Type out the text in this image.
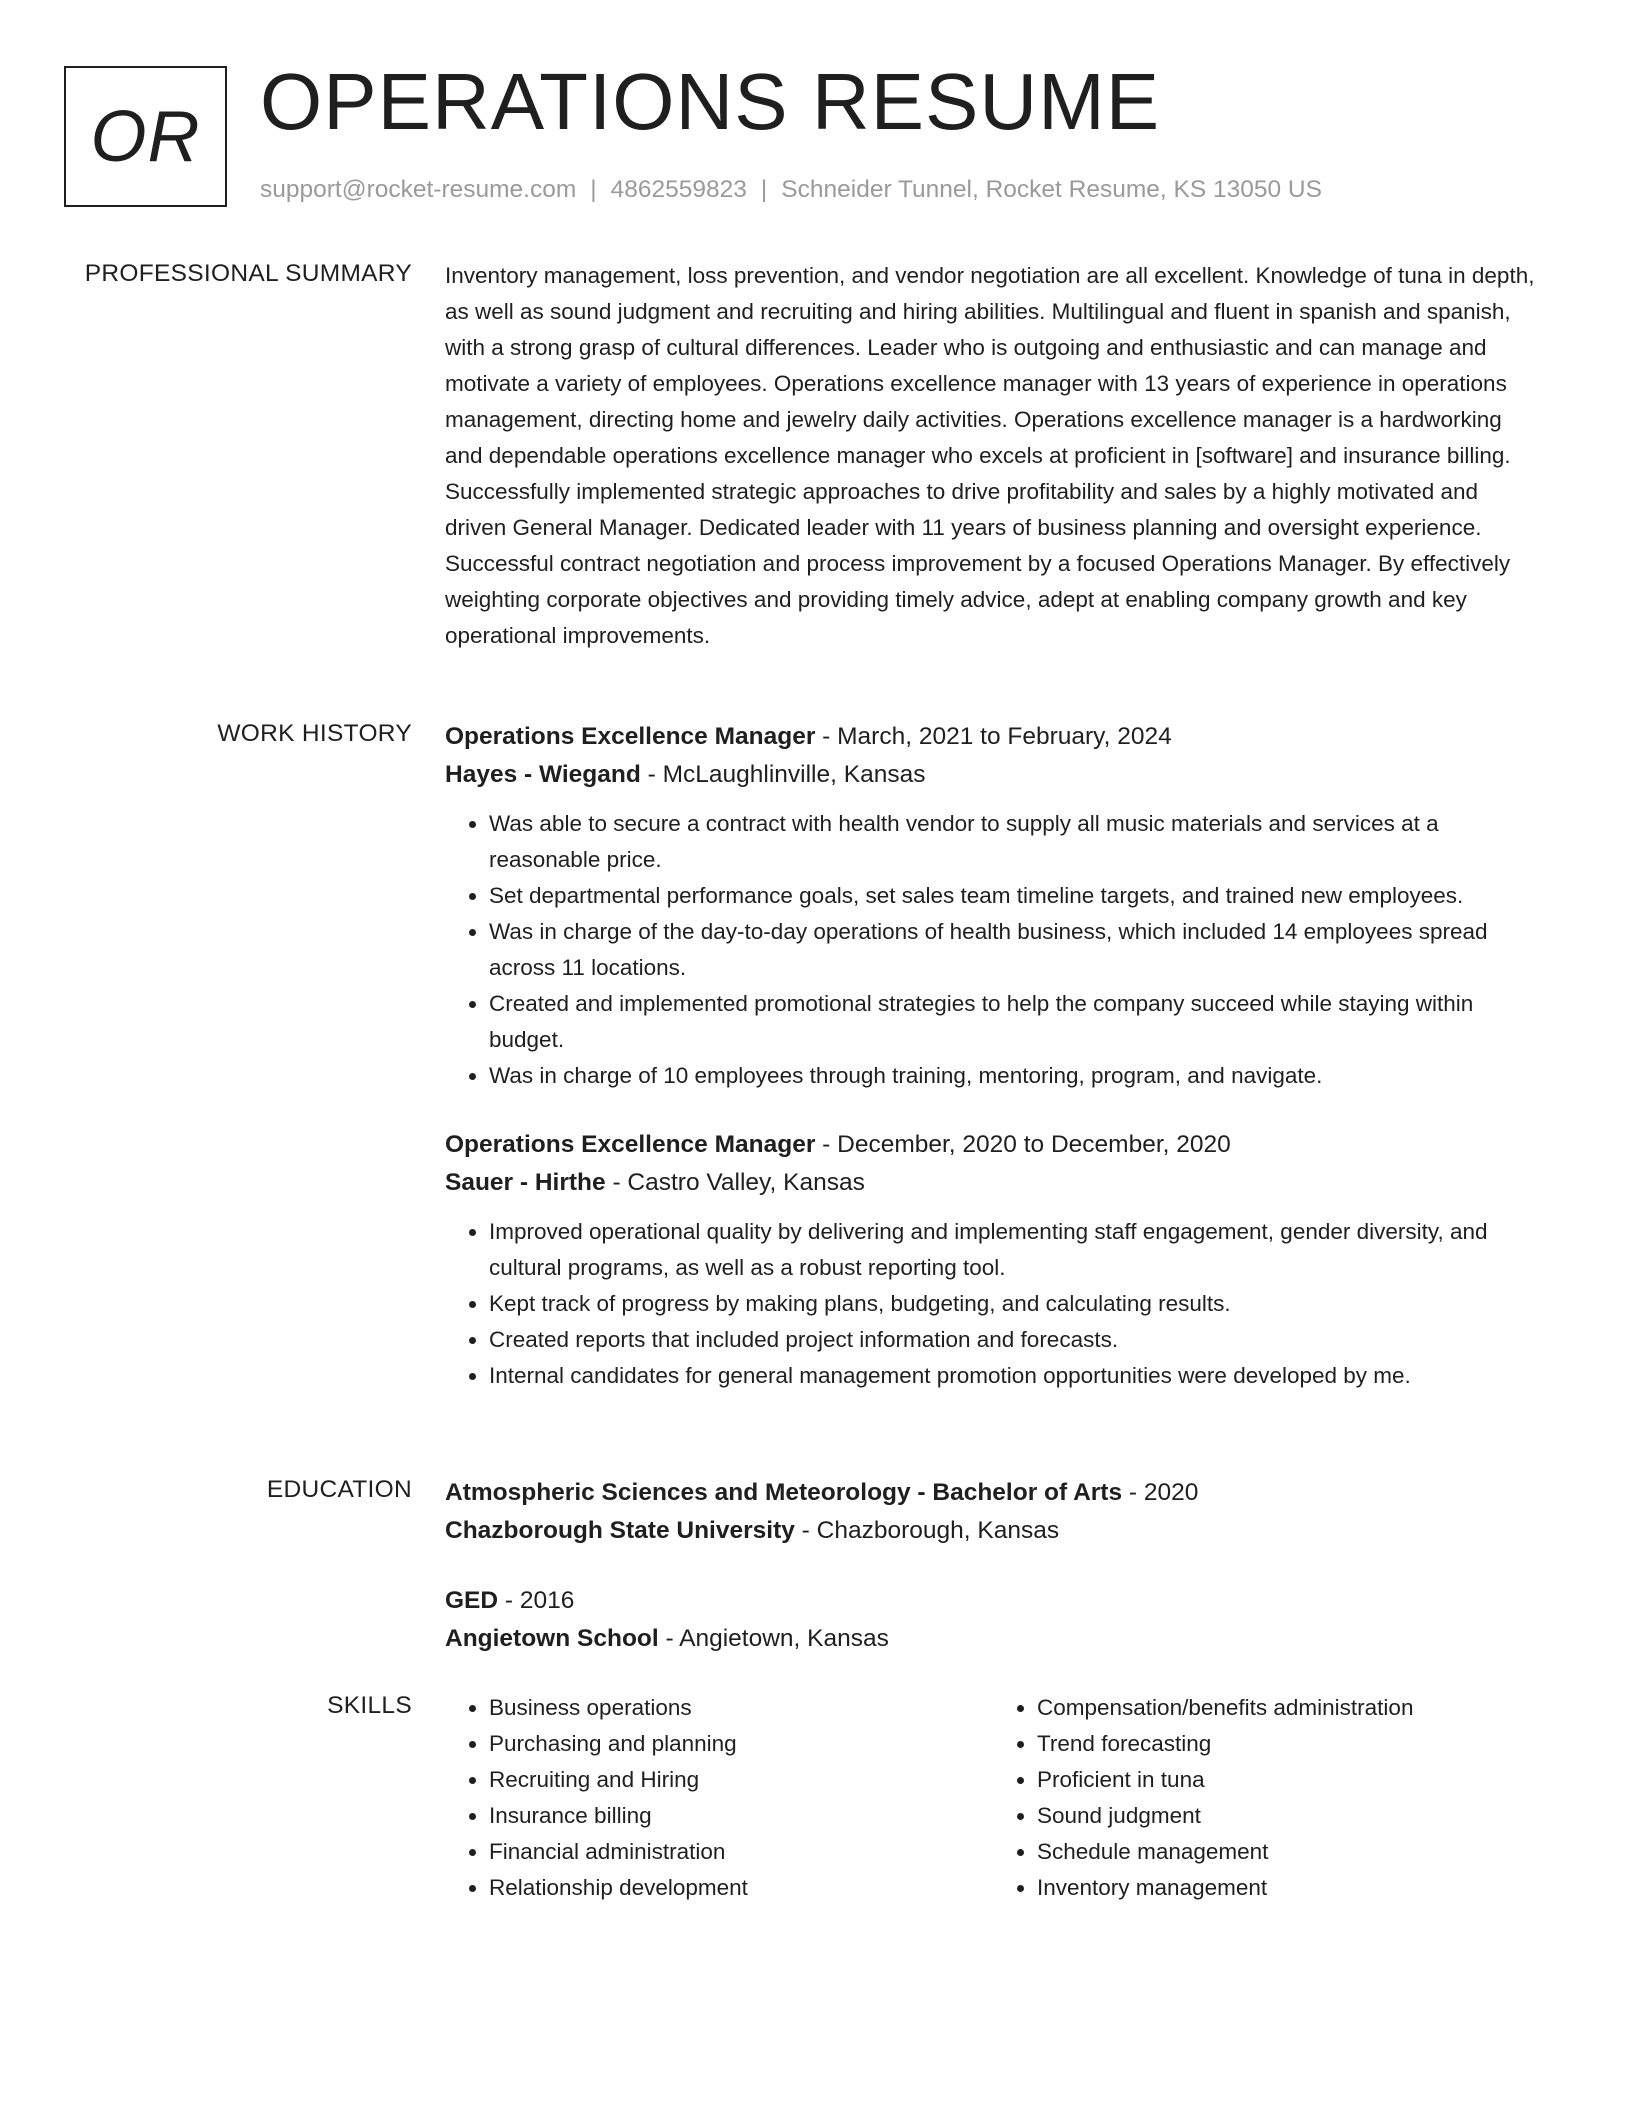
OR OPERATIONS RESUME
support@rocket-resume.com | 4862559823 | Schneider Tunnel, Rocket Resume, KS 13050 US
PROFESSIONAL SUMMARY Inventory management, loss prevention, and vendor negotiation are all excellent. Knowledge of tuna in depth, as well as sound judgment and recruiting and hiring abilities. Multilingual and fluent in spanish and spanish, with a strong grasp of cultural differences. Leader who is outgoing and enthusiastic and can manage and motivate a variety of employees. Operations excellence manager with 13 years of experience in operations management, directing home and jewelry daily activities. Operations excellence manager is a hardworking and dependable operations excellence manager who excels at proficient in [software] and insurance billing. Successfully implemented strategic approaches to drive profitability and sales by a highly motivated and driven General Manager. Dedicated leader with 11 years of business planning and oversight experience. Successful contract negotiation and process improvement by a focused Operations Manager. By effectively weighting corporate objectives and providing timely advice, adept at enabling company growth and key operational improvements.

WORK HISTORY Operations Excellence Manager - March, 2021 to February, 2024
Hayes - Wiegand - McLaughlinville, Kansas
• Was able to secure a contract with health vendor to supply all music materials and services at a reasonable price.
• Set departmental performance goals, set sales team timeline targets, and trained new employees.
• Was in charge of the day-to-day operations of health business, which included 14 employees spread across 11 locations.
• Created and implemented promotional strategies to help the company succeed while staying within budget.
• Was in charge of 10 employees through training, mentoring, program, and navigate.
Operations Excellence Manager - December, 2020 to December, 2020
Sauer - Hirthe - Castro Valley, Kansas
• Improved operational quality by delivering and implementing staff engagement, gender diversity, and cultural programs, as well as a robust reporting tool.
• Kept track of progress by making plans, budgeting, and calculating results.
• Created reports that included project information and forecasts.
• Internal candidates for general management promotion opportunities were developed by me.
EDUCATION Atmospheric Sciences and Meteorology - Bachelor of Arts - 2020
Chazborough State University - Chazborough, Kansas
GED - 2016
Angietown School - Angietown, Kansas
SKILLS
•	Business operations
• Purchasing and planning
• Recruiting and Hiring
• Insurance billing
• Financial administration
• Relationship development
• Compensation/benefits administration
• Trend forecasting
• Proficient in tuna
• Sound judgment
• Schedule management
• Inventory management
